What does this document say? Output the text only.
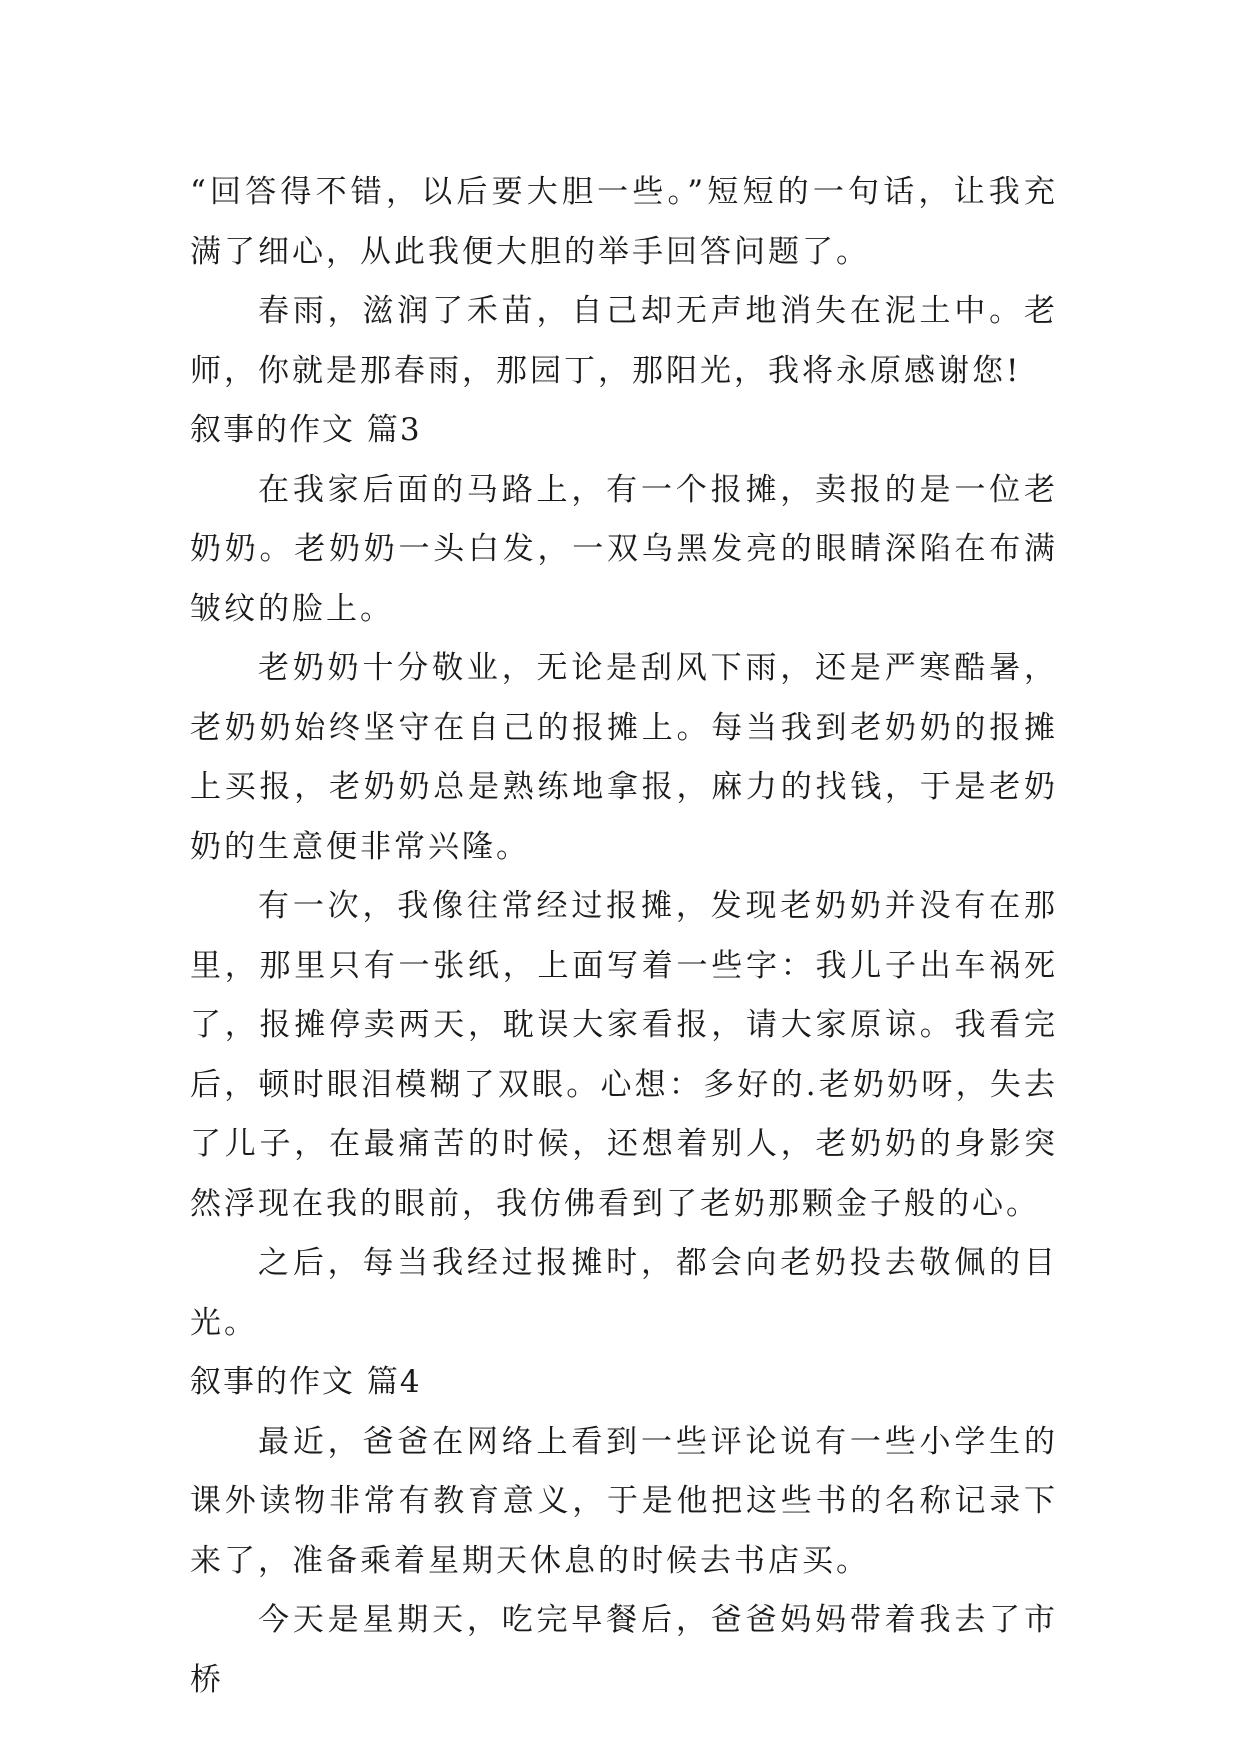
“回答得不错，以后要大胆一些。”短短的一句话，让我充满了细心，从此我便大胆的举手回答问题了。

春雨，滋润了禾苗，自己却无声地消失在泥土中。老师，你就是那春雨，那园丁，那阳光，我将永原感谢您!

叙事的作文 篇3

在我家后面的马路上，有一个报摊，卖报的是一位老奶奶。老奶奶一头白发，一双乌黑发亮的眼睛深陷在布满皱纹的脸上。

老奶奶十分敬业，无论是刮风下雨，还是严寒酷暑，老奶奶始终坚守在自己的报摊上。每当我到老奶奶的报摊上买报，老奶奶总是熟练地拿报，麻力的找钱，于是老奶奶的生意便非常兴隆。

有一次，我像往常经过报摊，发现老奶奶并没有在那里，那里只有一张纸，上面写着一些字：我儿子出车祸死了，报摊停卖两天，耽误大家看报，请大家原谅。我看完后，顿时眼泪模糊了双眼。心想：多好的.老奶奶呀，失去了儿子，在最痛苦的时候，还想着别人，老奶奶的身影突然浮现在我的眼前，我仿佛看到了老奶那颗金子般的心。

之后，每当我经过报摊时，都会向老奶投去敬佩的目光。

叙事的作文 篇4

最近，爸爸在网络上看到一些评论说有一些小学生的课外读物非常有教育意义，于是他把这些书的名称记录下来了，准备乘着星期天休息的时候去书店买。

今天是星期天，吃完早餐后，爸爸妈妈带着我去了市桥
